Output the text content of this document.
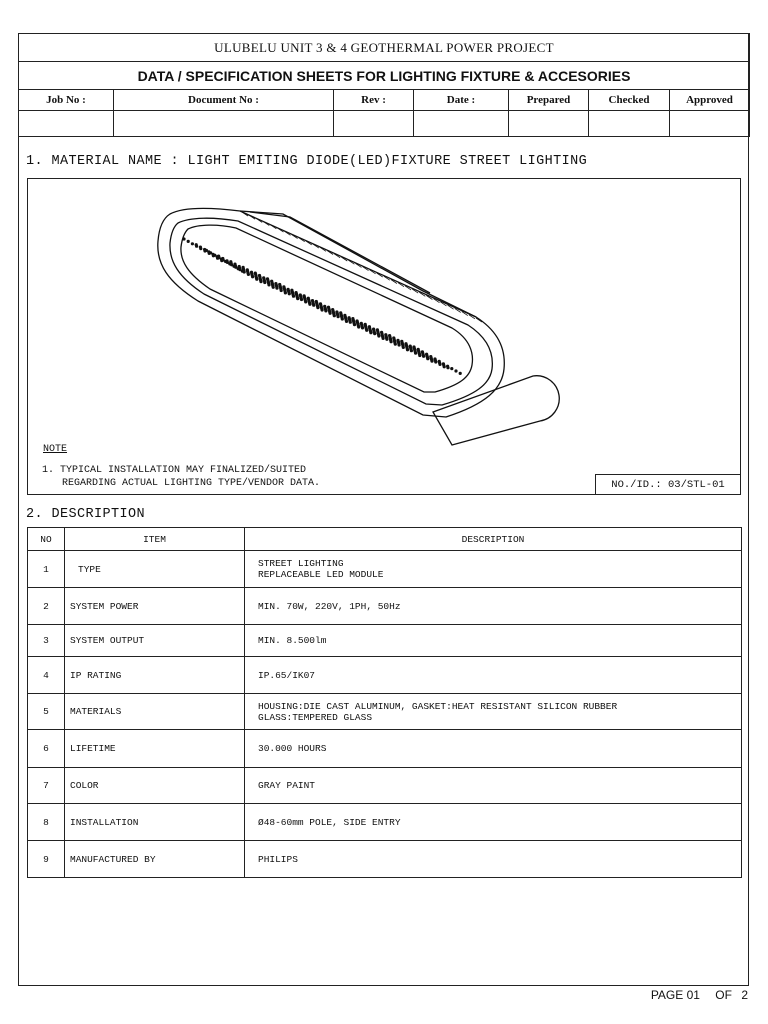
ULUBELU UNIT 3 & 4 GEOTHERMAL POWER PROJECT						
DATA / SPECIFICATION SHEETS FOR LIGHTING FIXTURE & ACCESORIES						
Job No :	Document No :	Rev :	Date :	Prepared	Checked	Approved

1. MATERIAL NAME : LIGHT EMITING DIODE(LED)FIXTURE STREET LIGHTING
NOTE
1. TYPICAL INSTALLATION MAY FINALIZED/SUITED
REGARDING ACTUAL LIGHTING TYPE/VENDOR DATA.	NO./ID.: 03/STL-01
2. DESCRIPTION
NO	ITEM	DESCRIPTION
1	TYPE	STREET LIGHTING
REPLACEABLE LED MODULE

2	SYSTEM POWER	MIN. 70W, 220V, 1PH, 50Hz

3	SYSTEM OUTPUT	MIN. 8.500lm

4	IP RATING	IP.65/IK07

5	MATERIALS	HOUSING:DIE CAST ALUMINUM, GASKET:HEAT RESISTANT SILICON RUBBER
GLASS:TEMPERED GLASS

6	LIFETIME	30.000 HOURS

7	COLOR	GRAY PAINT

8	INSTALLATION	Ø48-60mm POLE, SIDE ENTRY

9	MANUFACTURED BY	PHILIPS
PAGE 01 OF 2
